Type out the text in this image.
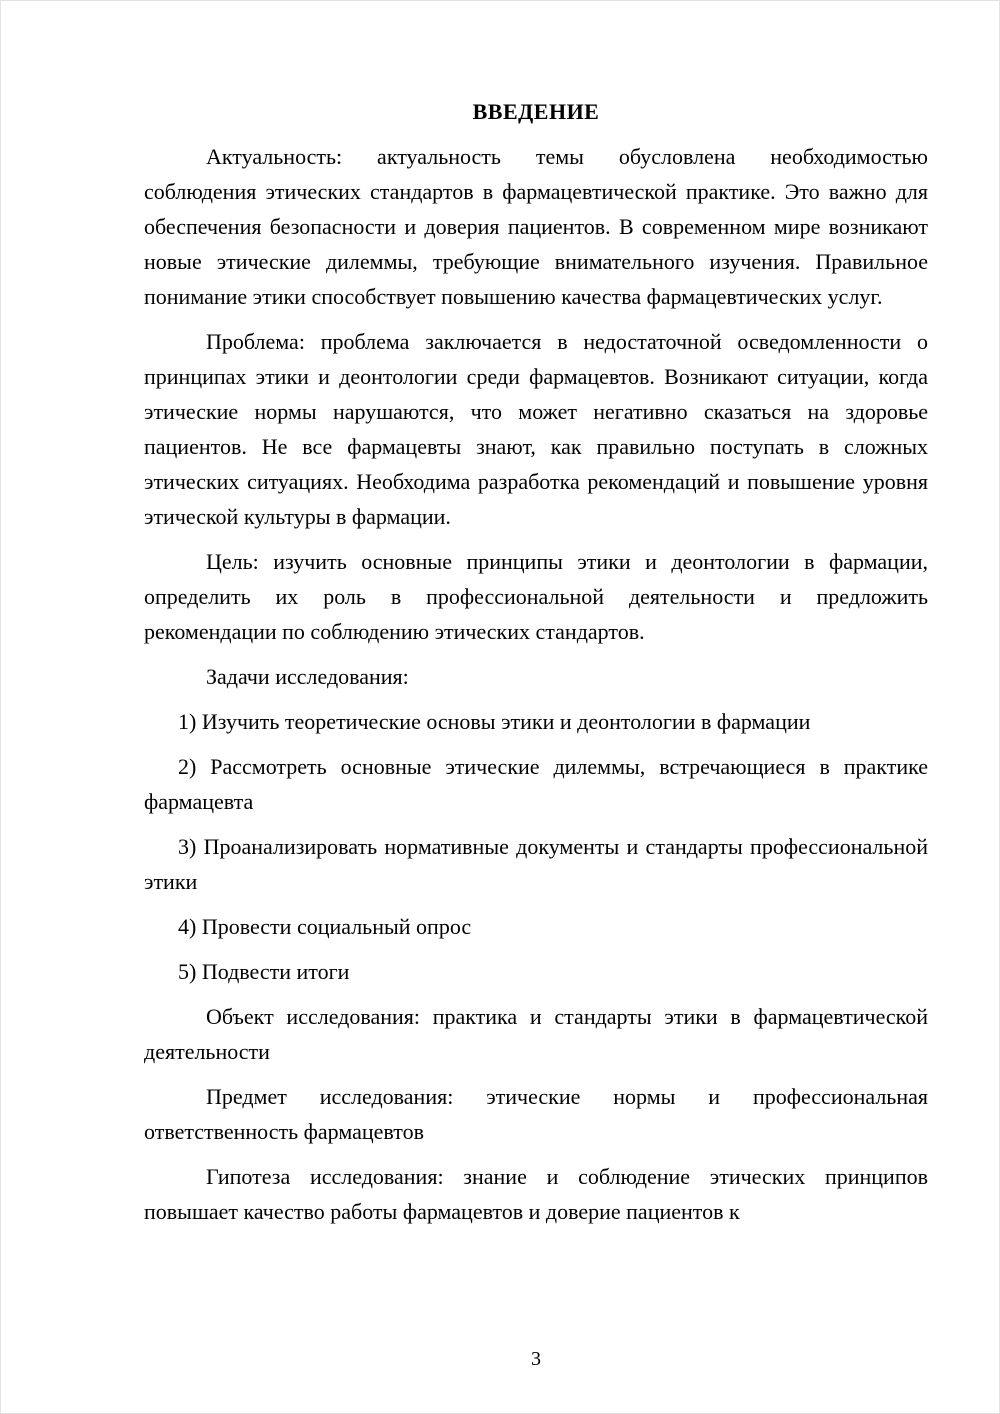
ВВЕДЕНИЕ

Актуальность: актуальность темы обусловлена необходимостью соблюдения этических стандартов в фармацевтической практике. Это важно для обеспечения безопасности и доверия пациентов. В современном мире возникают новые этические дилеммы, требующие внимательного изучения. Правильное понимание этики способствует повышению качества фармацевтических услуг.

Проблема: проблема заключается в недостаточной осведомленности о принципах этики и деонтологии среди фармацевтов. Возникают ситуации, когда этические нормы нарушаются, что может негативно сказаться на здоровье пациентов. Не все фармацевты знают, как правильно поступать в сложных этических ситуациях. Необходима разработка рекомендаций и повышение уровня этической культуры в фармации.

Цель: изучить основные принципы этики и деонтологии в фармации, определить их роль в профессиональной деятельности и предложить рекомендации по соблюдению этических стандартов.

Задачи исследования:

1) Изучить теоретические основы этики и деонтологии в фармации

2) Рассмотреть основные этические дилеммы, встречающиеся в практике фармацевта

3) Проанализировать нормативные документы и стандарты профессиональной этики

4) Провести социальный опрос

5) Подвести итоги

Объект исследования: практика и стандарты этики в фармацевтической деятельности

Предмет исследования: этические нормы и профессиональная ответственность фармацевтов

Гипотеза исследования: знание и соблюдение этических принципов повышает качество работы фармацевтов и доверие пациентов к

3
